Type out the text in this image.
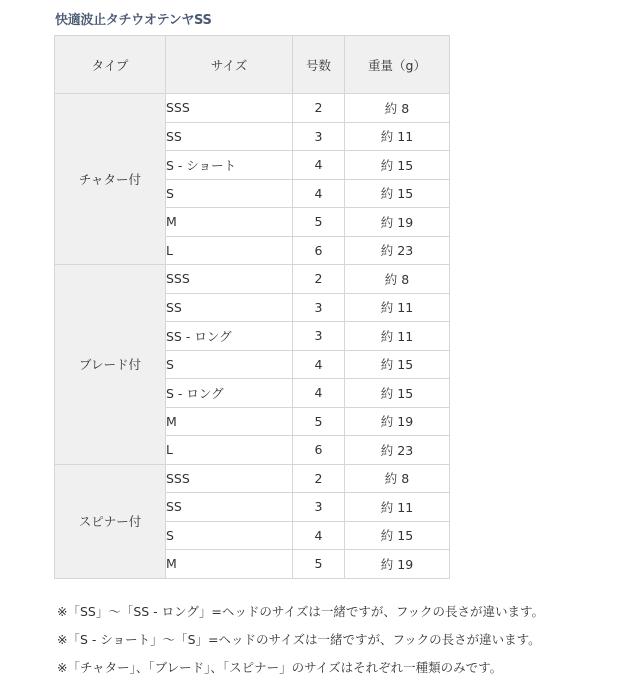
快適波止タチウオテンヤSS
タイプ	サイズ	号数	重量（g）
チャター付	SSS	2	約 8
	SS	3	約 11
	S - ショート	4	約 15
	S	4	約 15
	M	5	約 19
	L	6	約 23
ブレード付	SSS	2	約 8
	SS	3	約 11
	SS - ロング	3	約 11
	S	4	約 15
	S - ロング	4	約 15
	M	5	約 19
	L	6	約 23
スピナー付	SSS	2	約 8
	SS	3	約 11
	S	4	約 15
	M	5	約 19
※「SS」～「SS - ロング」=ヘッドのサイズは一緒ですが、フックの長さが違います。
※「S - ショート」～「S」=ヘッドのサイズは一緒ですが、フックの長さが違います。
※「チャター」、「ブレード」、「スピナー」のサイズはそれぞれ一種類のみです。
